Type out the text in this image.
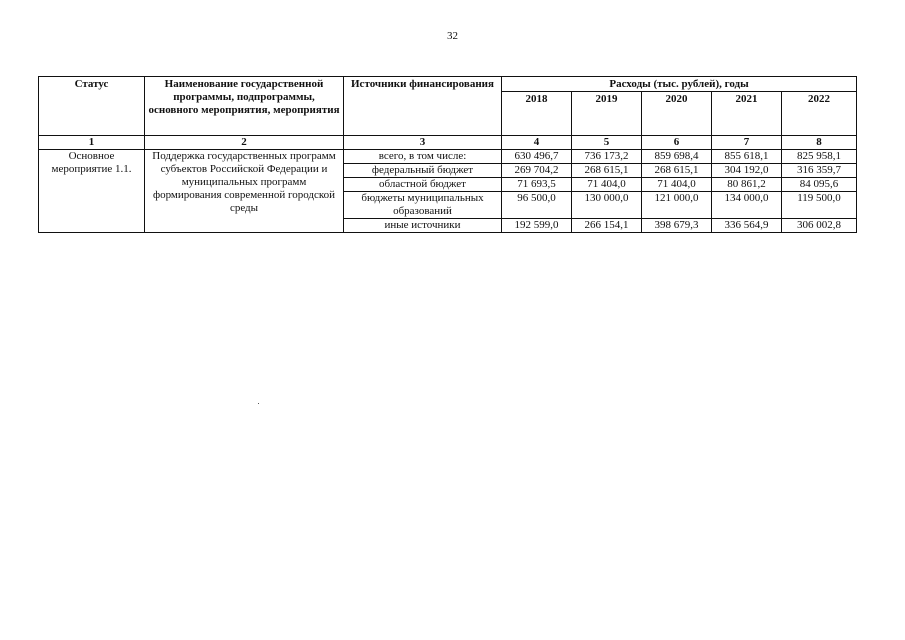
32
Статус	Наименование государственной программы, подпрограммы, основного мероприятия, мероприятия	Источники финансирования	Расходы (тыс. рублей), годы				
			2018	2019	2020	2021	2022
1	2	3	4	5	6	7	8
Основное мероприятие 1.1.	Поддержка государственных программ субъектов Российской Федерации и муниципальных программ формирования современной городской среды	всего, в том числе:	630 496,7	736 173,2	859 698,4	855 618,1	825 958,1
		федеральный бюджет	269 704,2	268 615,1	268 615,1	304 192,0	316 359,7
		областной бюджет	71 693,5	71 404,0	71 404,0	80 861,2	84 095,6
		бюджеты муниципальных образований	96 500,0	130 000,0	121 000,0	134 000,0	119 500,0
		иные источники	192 599,0	266 154,1	398 679,3	336 564,9	306 002,8
